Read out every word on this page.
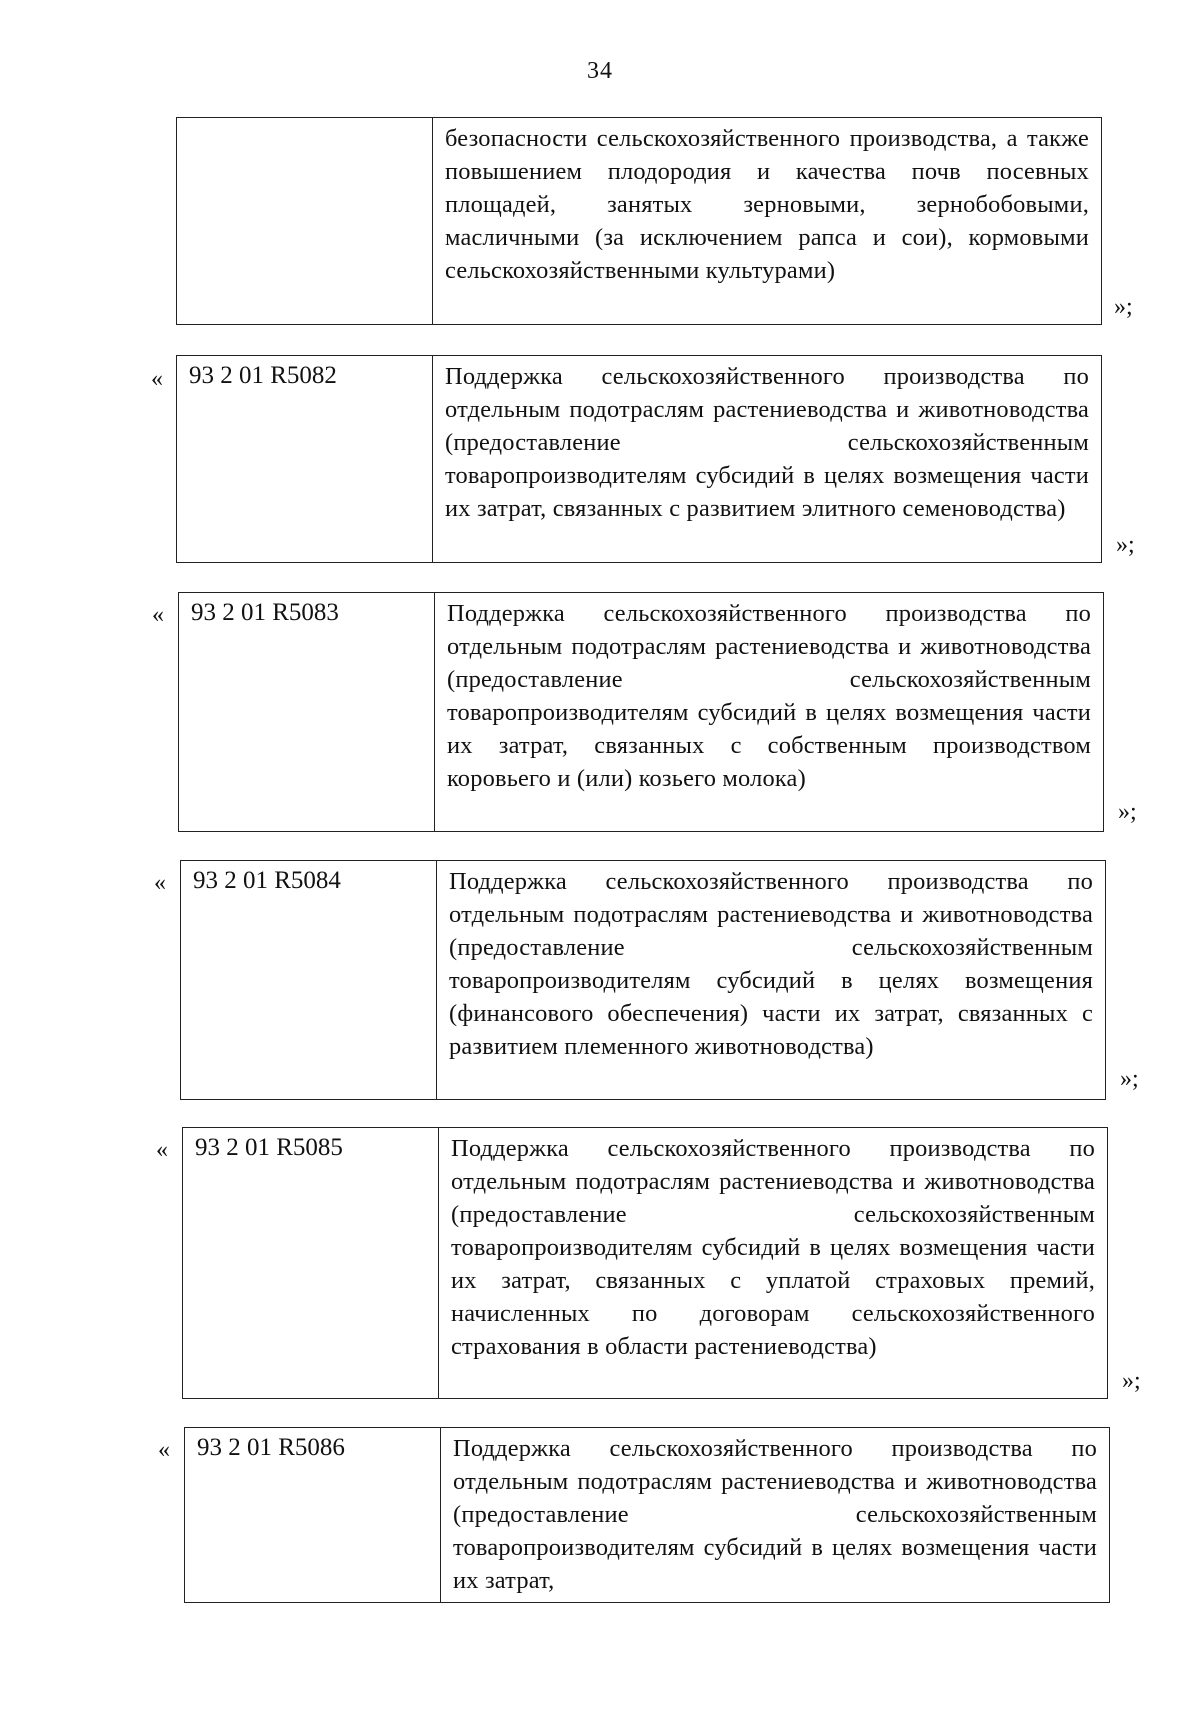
34
безопасности сельскохозяйственного производства, а также повышением плодородия и качества почв посевных площадей, занятых зерновыми, зернобобовыми, масличными (за исключением рапса и сои), кормовыми сельскохозяйственными культурами)
»;
«	93 2 01 R5082	Поддержка сельскохозяйственного производства по отдельным подотраслям растениеводства и животноводства (предоставление сельскохозяйственным товаропроизводителям субсидий в целях возмещения части их затрат, связанных с развитием элитного семеноводства)
»;
«	93 2 01 R5083	Поддержка сельскохозяйственного производства по отдельным подотраслям растениеводства и животноводства (предоставление сельскохозяйственным товаропроизводителям субсидий в целях возмещения части их затрат, связанных с собственным производством коровьего и (или) козьего молока)
»;
«	93 2 01 R5084	Поддержка сельскохозяйственного производства по отдельным подотраслям растениеводства и животноводства (предоставление сельскохозяйственным товаропроизводителям субсидий в целях возмещения (финансового обеспечения) части их затрат, связанных с развитием племенного животноводства)
»;
«	93 2 01 R5085	Поддержка сельскохозяйственного производства по отдельным подотраслям растениеводства и животноводства (предоставление сельскохозяйственным товаропроизводителям субсидий в целях возмещения части их затрат, связанных с уплатой страховых премий, начисленных по договорам сельскохозяйственного страхования в области растениеводства)
»;
«	93 2 01 R5086	Поддержка сельскохозяйственного производства по отдельным подотраслям растениеводства и животноводства (предоставление сельскохозяйственным товаропроизводителям субсидий в целях возмещения части их затрат,
